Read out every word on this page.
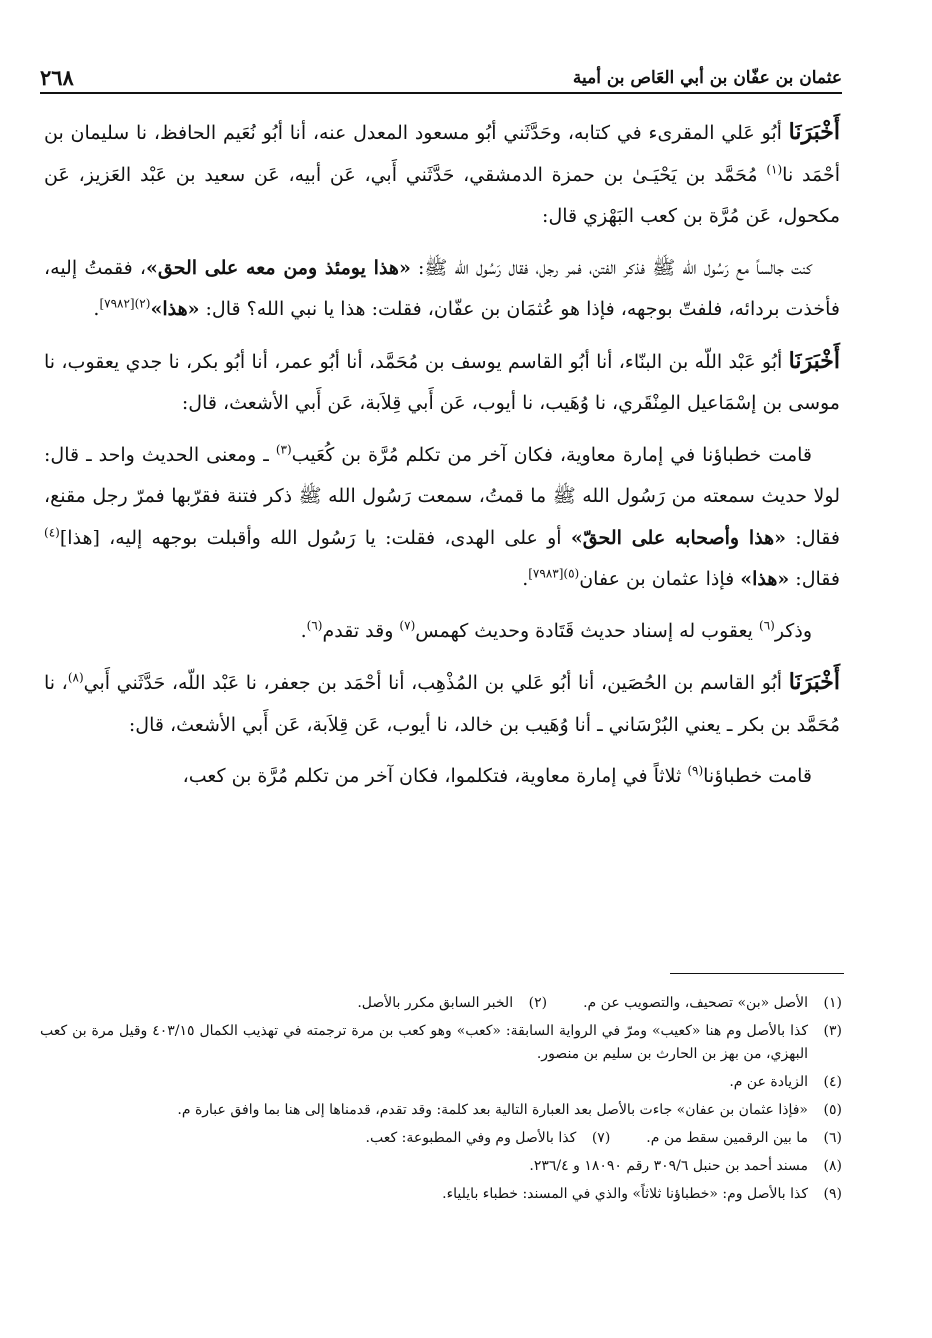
٢٦٨	عثمان بن عفّان بن أبي العَاص بن أمية

أَخْبَرَنَا أبُو عَلي المقرىء في كتابه، وحَدَّثَني أبُو مسعود المعدل عنه، أنا أبُو نُعَيم الحافظ، نا سليمان بن أحْمَد نا$^{(١)}$ مُحَمَّد بن يَحْيَـىٰ بن حمزة الدمشقي، حَدَّثَني أَبي، عَن أبيه، عَن سعيد بن عَبْد العَزيز، عَن مكحول، عَن مُرَّة بن كعب البَهْزي قال:

كنت جالساً مع رَسُول الله ﷺ فذكر الفتن، فمر رجل، فقال رَسُول الله ﷺ: «هذا يومئذ ومن معه على الحق»، فقمتُ إليه، فأخذت بردائه، فلفتّ بوجهه، فإذا هو عُثمَان بن عفّان، فقلت: هذا يا نبي الله؟ قال: «هذا»$^{(٢)[٧٩٨٢]}$.

أَخْبَرَنَا أبُو عَبْد اللّه بن البنّاء، أنا أبُو القاسم يوسف بن مُحَمَّد، أنا أبُو عمر، أنا أبُو بكر، نا جدي يعقوب، نا موسى بن إسْمَاعيل المِنْقَري، نا وُهَيب، نا أيوب، عَن أَبي قِلاَبة، عَن أَبي الأشعث، قال:

قامت خطباؤنا في إمارة معاوية، فكان آخر من تكلم مُرَّة بن كُعَيب$^{(٣)}$ ـ ومعنى الحديث واحد ـ قال: لولا حديث سمعته من رَسُول الله ﷺ ما قمتُ، سمعت رَسُول الله ﷺ ذكر فتنة فقرّبها فمرّ رجل مقنع، فقال: «هذا وأصحابه على الحقّ» أو على الهدى، فقلت: يا رَسُول الله وأقبلت بوجهه إليه، [هذا]$^{(٤)}$ فقال: «هذا» فإذا عثمان بن عفان$^{(٥)[٧٩٨٣]}$.

وذكر$^{(٦)}$ يعقوب له إسناد حديث قَتَادة وحديث كهمس$^{(٧)}$ وقد تقدم$^{(٦)}$.

أَخْبَرَنَا أبُو القاسم بن الحُصَين، أنا أبُو عَلي بن المُذْهِب، أنا أحْمَد بن جعفر، نا عَبْد اللّه، حَدَّثَني أَبي$^{(٨)}$، نا مُحَمَّد بن بكر ـ يعني البُرْسَاني ـ أنا وُهَيب بن خالد، نا أيوب، عَن قِلاَبة، عَن أَبي الأشعث، قال:

قامت خطباؤنا$^{(٩)}$ ثلاثاً في إمارة معاوية، فتكلموا، فكان آخر من تكلم مُرَّة بن كعب،

(١)
الأصل «بن» تصحيف، والتصويب عن م.
(٢)
الخبر السابق مكرر بالأصل.
(٣)
كذا بالأصل وم هنا «كعيب» ومرّ في الرواية السابقة: «كعب» وهو كعب بن مرة ترجمته في تهذيب الكمال ٤٠٣/١٥ وقيل مرة بن كعب البهزي، من بهز بن الحارث بن سليم بن منصور.
(٤)
الزيادة عن م.
(٥)
«فإذا عثمان بن عفان» جاءت بالأصل بعد العبارة التالية بعد كلمة: وقد تقدم، قدمناها إلى هنا بما وافق عبارة م.
(٦)
ما بين الرقمين سقط من م.
(٧)
كذا بالأصل وم وفي المطبوعة: كعب.
(٨)
مسند أحمد بن حنبل ٣٠٩/٦ رقم ١٨٠٩٠ و ٢٣٦/٤.
(٩)
كذا بالأصل وم: «خطباؤنا ثلاثاً» والذي في المسند: خطباء بايلياء.
